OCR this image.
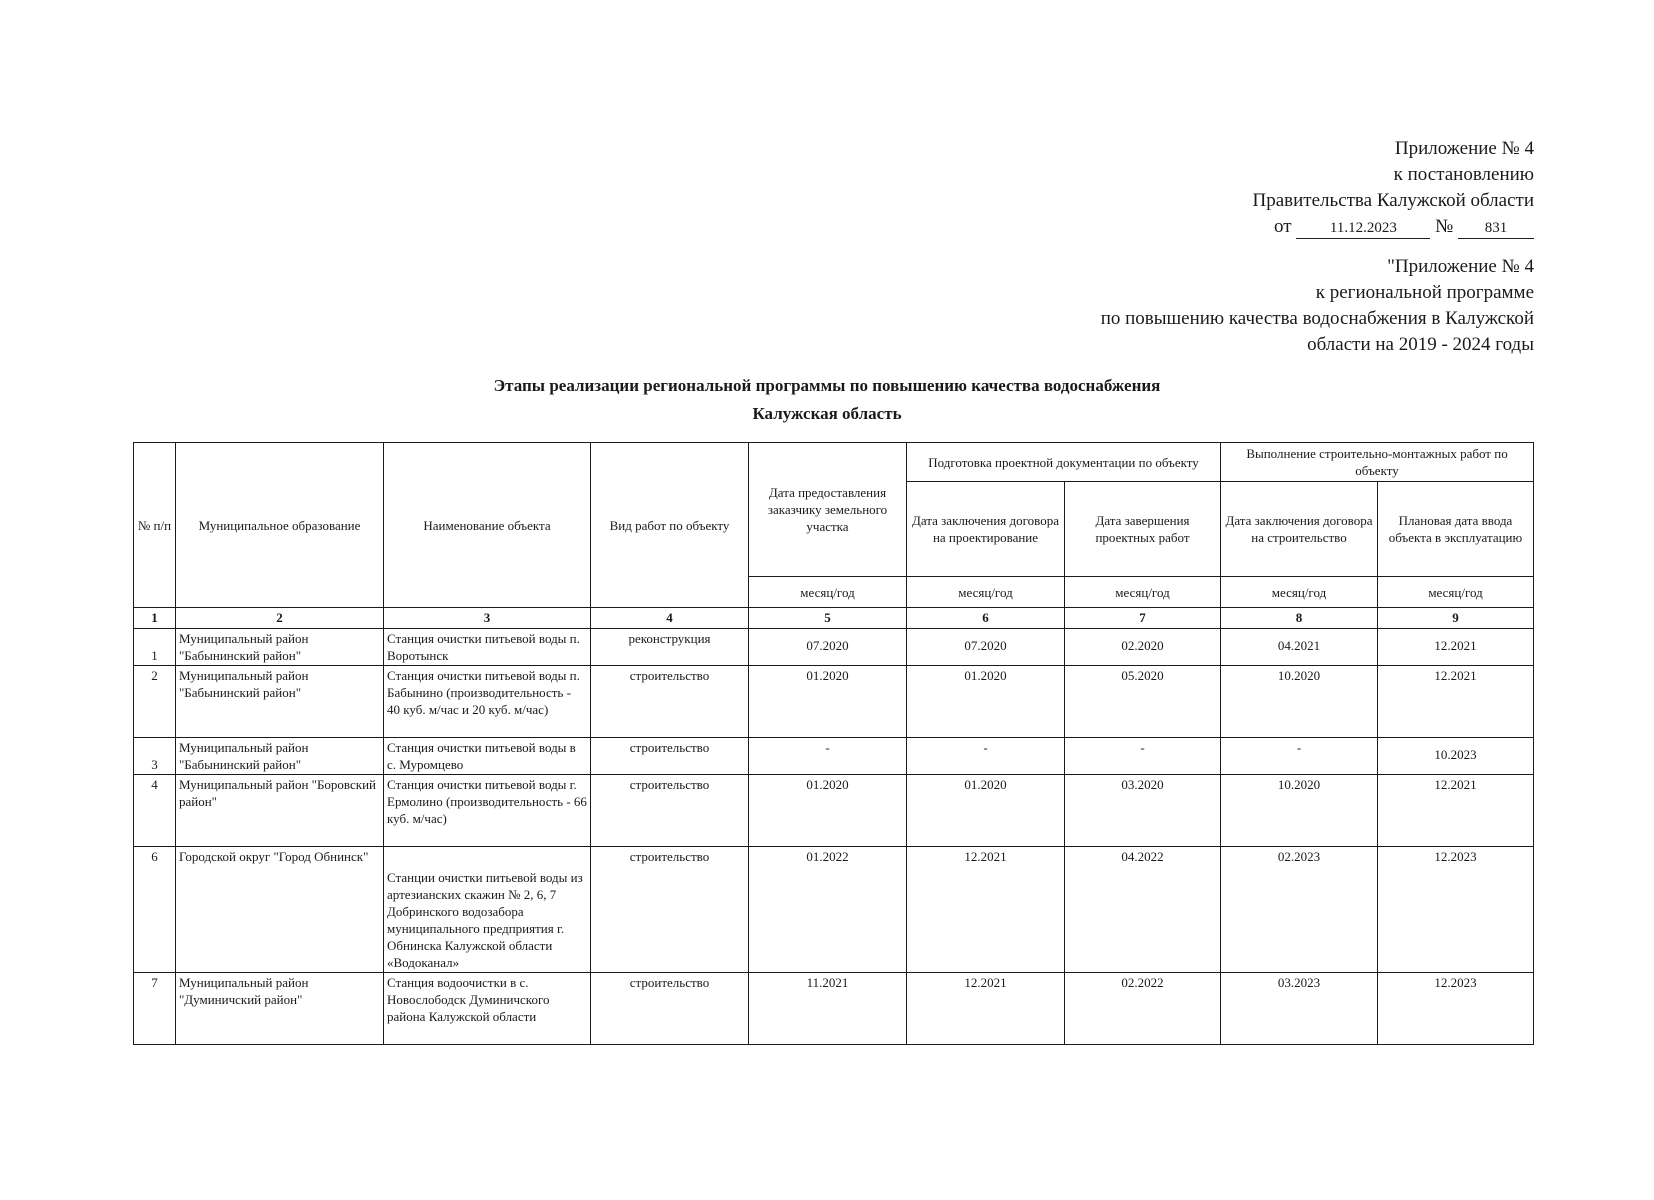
Приложение № 4
к постановлению
Правительства Калужской области
от	11.12.2023 № 831
"Приложение № 4
к региональной программе
по повышению качества водоснабжения в Калужской
области на 2019 - 2024 годы
Этапы реализации региональной программы по повышению качества водоснабжения
Калужская область
№ п/п	Муниципальное образование	Наименование объекта	Вид работ по объекту	Дата предоставления заказчику земельного участка	Подготовка проектной документации по объекту		Выполнение строительно-монтажных работ по объекту	
					Дата заключения договора на проектирование	Дата завершения проектных работ	Дата заключения договора на строительство	Плановая дата ввода объекта в эксплуатацию
				месяц/год	месяц/год	месяц/год	месяц/год	месяц/год
1	2	3	4	5	6	7	8	9
1	Муниципальный район "Бабынинский район"	Станция очистки питьевой воды п. Воротынск	реконструкция	07.2020	07.2020	02.2020	04.2021	12.2021
2	Муниципальный район "Бабынинский район"	Станция очистки питьевой воды п. Бабынино (производительность - 40 куб. м/час и 20 куб. м/час)	строительство	01.2020	01.2020	05.2020	10.2020	12.2021
3	Муниципальный район "Бабынинский район"	Станция очистки питьевой воды в с. Муромцево	строительство	-	-	-	-	10.2023
4	Муниципальный район "Боровский район"	Станция очистки питьевой воды г. Ермолино (производительность - 66 куб. м/час)	строительство	01.2020	01.2020	03.2020	10.2020	12.2021
6	Городской округ "Город Обнинск"	Станции очистки питьевой воды из артезианских скажин № 2, 6, 7 Добринского водозабора муниципального предприятия г. Обнинска Калужской области «Водоканал»	строительство	01.2022	12.2021	04.2022	02.2023	12.2023
7	Муниципальный район "Думиничский район"	Станция водоочистки в с. Новослободск Думиничского района Калужской области	строительство	11.2021	12.2021	02.2022	03.2023	12.2023
